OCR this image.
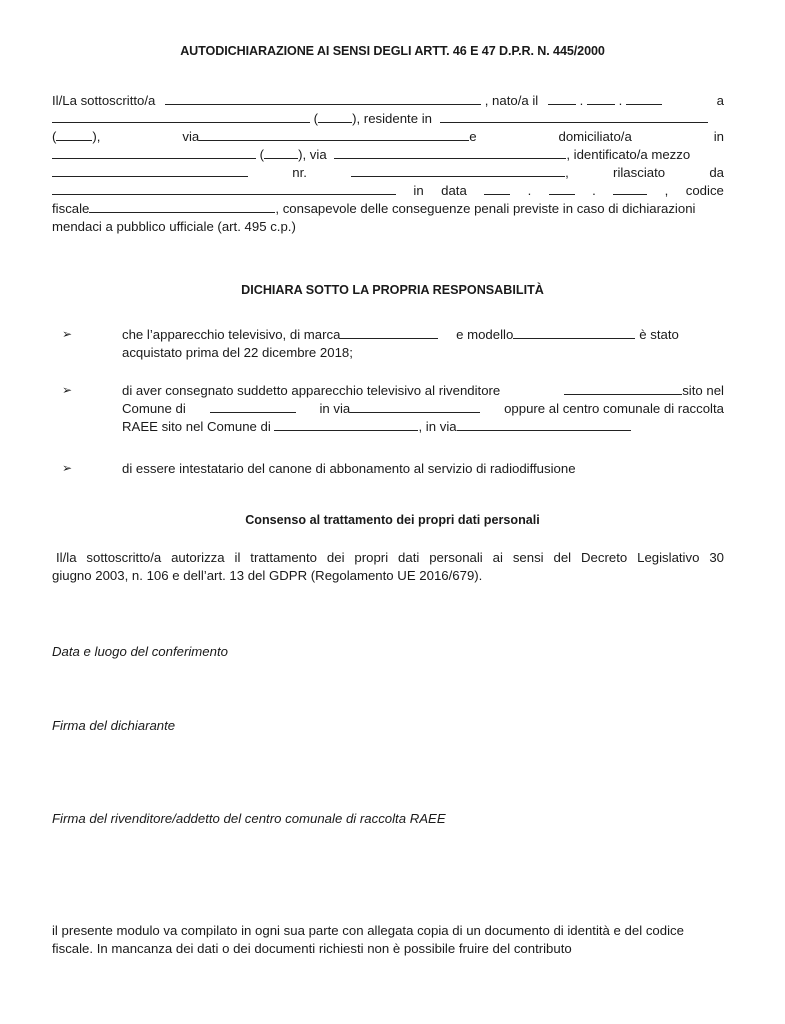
AUTODICHIARAZIONE AI SENSI DEGLI ARTT. 46 E 47 D.P.R. N. 445/2000
Il/La sottoscritto/a	, nato/a il	.	.	a
(	), residente in
(	),	via	e	domiciliato/a	in
(	), via	, identificato/a mezzo
nr.	,	rilasciato	da
in data	.	.	, codice
fiscale	, consapevole delle conseguenze penali previste in caso di dichiarazioni
mendaci a pubblico ufficiale (art. 495 c.p.)
DICHIARA SOTTO LA PROPRIA RESPONSABILITÀ
➢	che l’apparecchio televisivo, di marca	e modello	è stato
acquistato prima del 22 dicembre 2018;
➢	di aver consegnato suddetto apparecchio televisivo al rivenditore	sito nel
Comune di	in via	oppure al centro comunale di raccolta
RAEE sito nel Comune di	, in via
➢	di essere intestatario del canone di abbonamento al servizio di radiodiffusione
Consenso al trattamento dei propri dati personali
Il/la sottoscritto/a autorizza il trattamento dei propri dati personali ai sensi del Decreto Legislativo 30
giugno 2003, n. 106 e dell’art. 13 del GDPR (Regolamento UE 2016/679).
Data e luogo del conferimento
Firma del dichiarante
Firma del rivenditore/addetto del centro comunale di raccolta RAEE
il presente modulo va compilato in ogni sua parte con allegata copia di un documento di identità e del codice
fiscale. In mancanza dei dati o dei documenti richiesti non è possibile fruire del contributo
